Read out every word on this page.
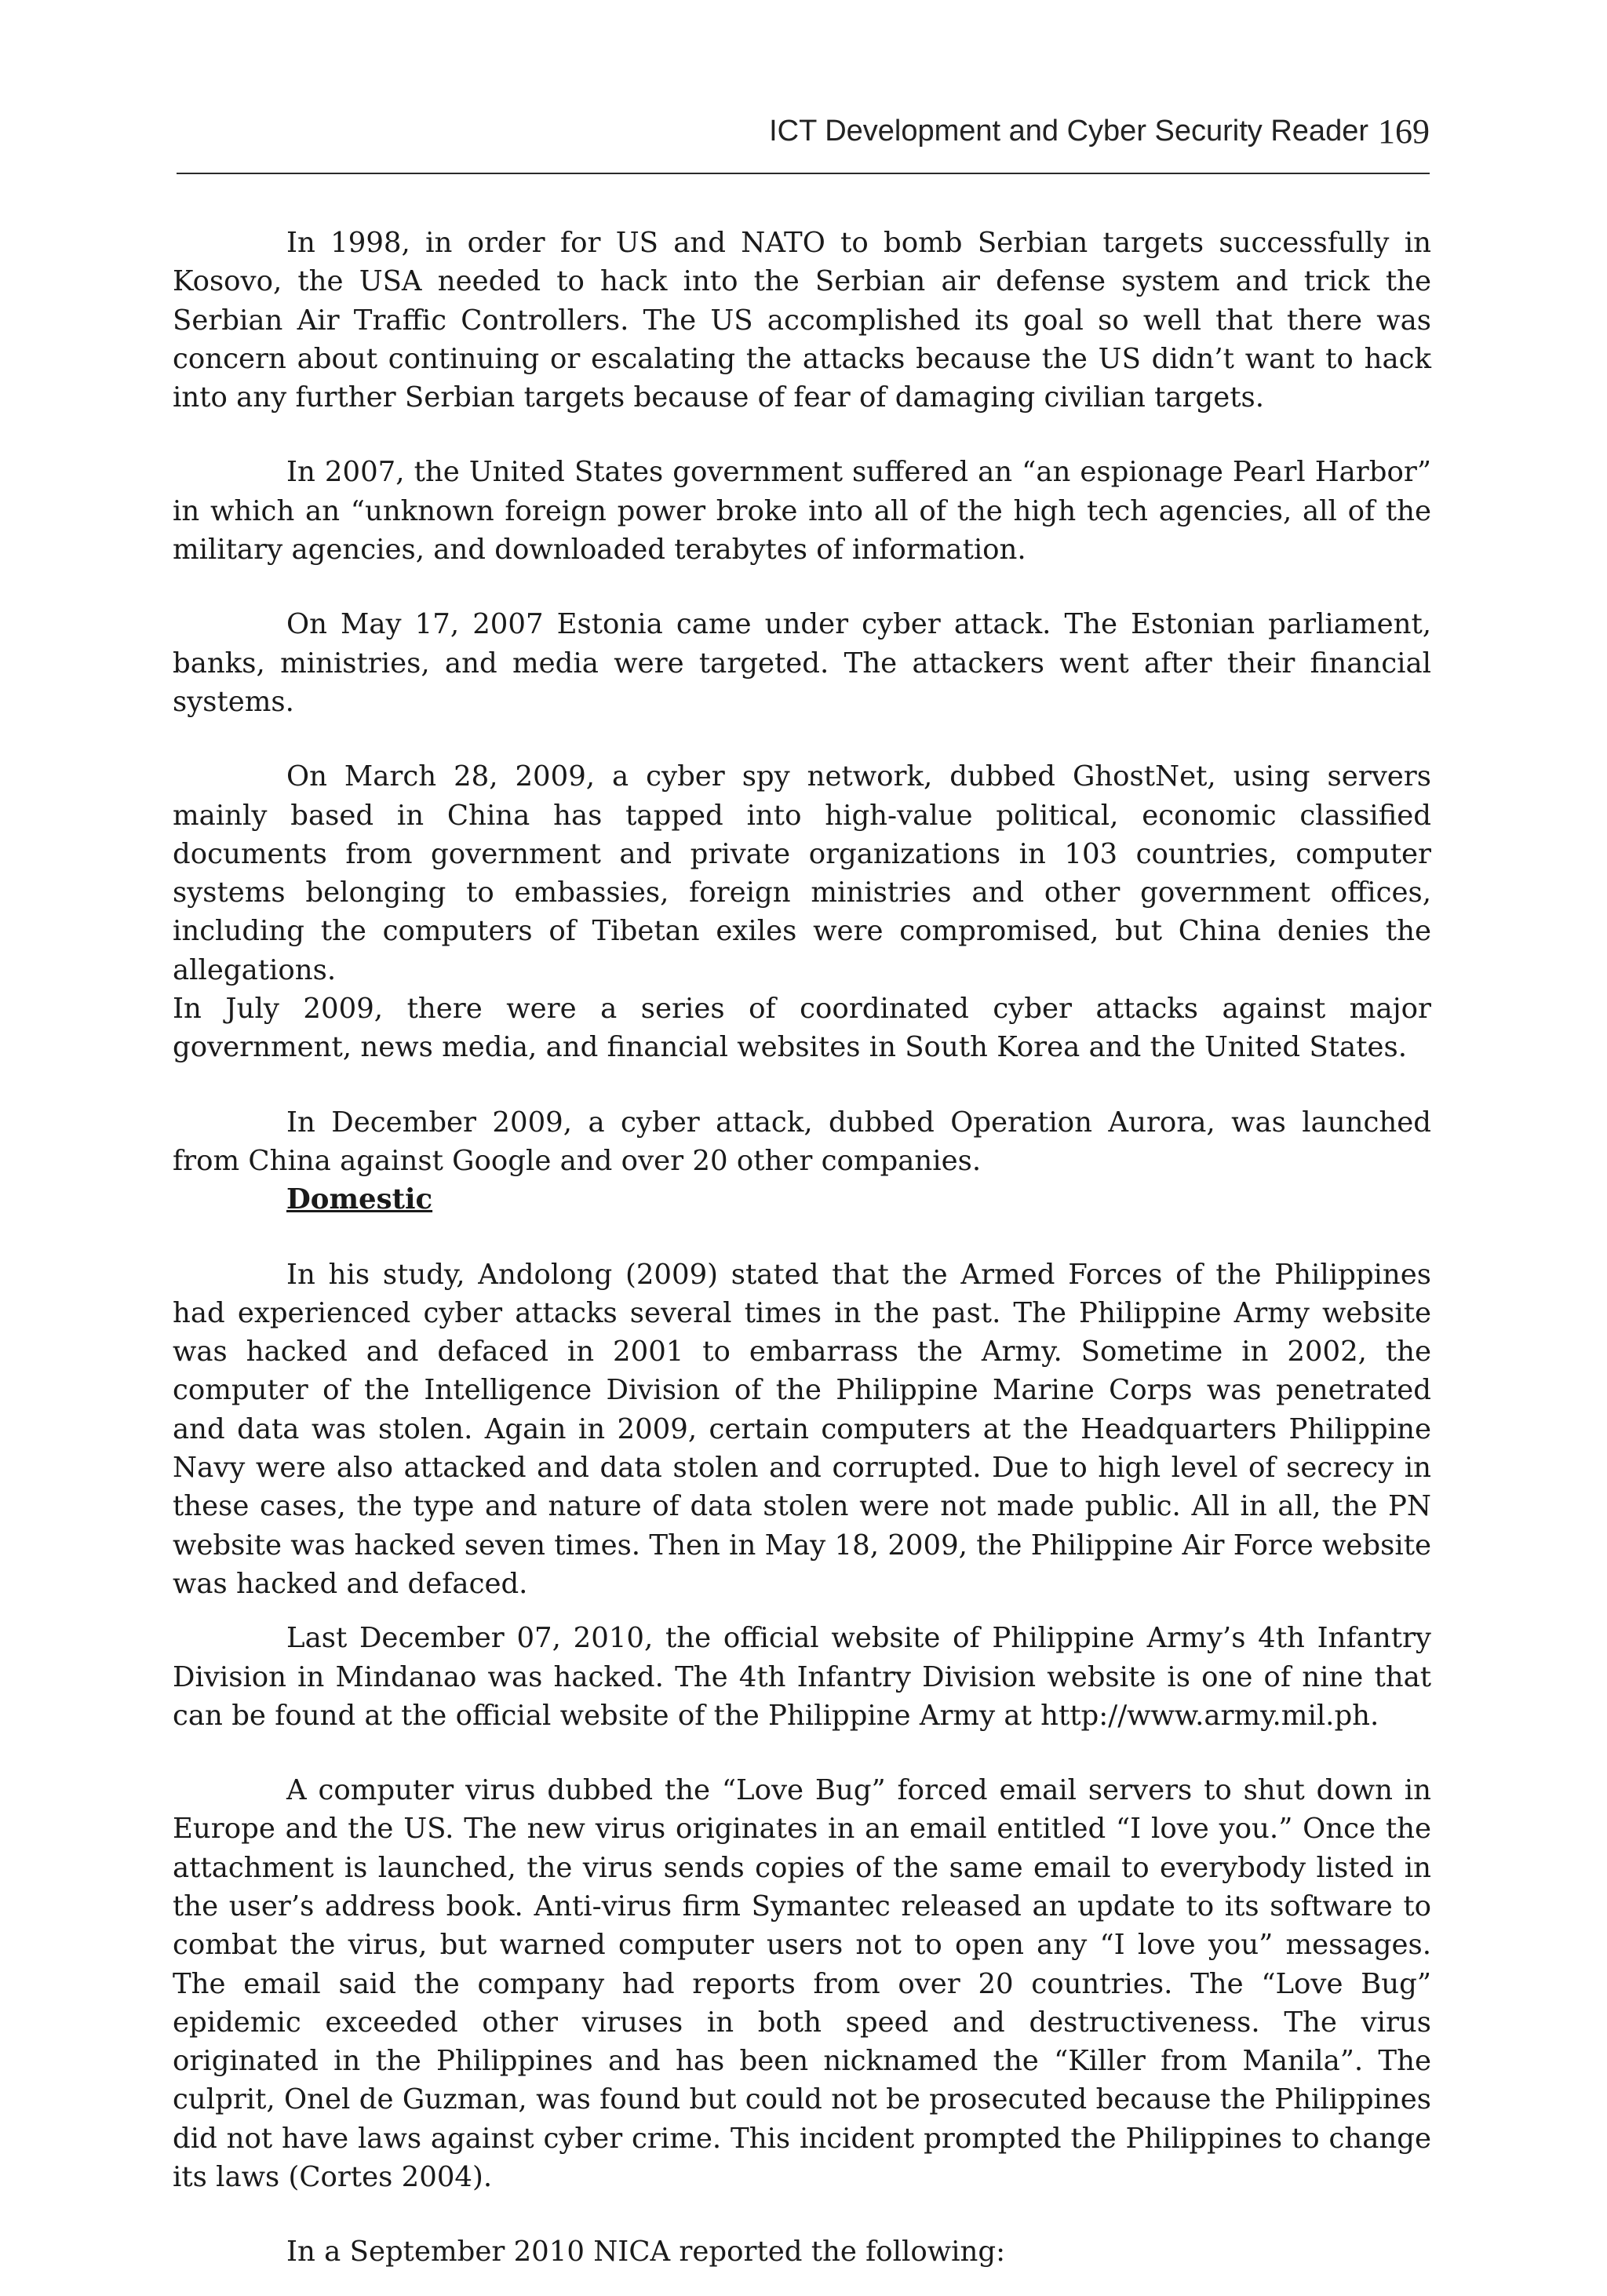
ICT Development and Cyber Security Reader 169

In 1998, in order for US and NATO to bomb Serbian targets successfully in Kosovo, the USA needed to hack into the Serbian air defense system and trick the Serbian Air Traffic Controllers. The US accomplished its goal so well that there was concern about continuing or escalating the attacks because the US didn’t want to hack into any further Serbian targets because of fear of damaging civilian targets.

In 2007, the United States government suffered an “an espionage Pearl Harbor” in which an “unknown foreign power broke into all of the high tech agencies, all of the military agencies, and downloaded terabytes of information.

On May 17, 2007 Estonia came under cyber attack. The Estonian parliament, banks, ministries, and media were targeted. The attackers went after their financial systems.

On March 28, 2009, a cyber spy network, dubbed GhostNet, using servers mainly based in China has tapped into high-value political, economic classified documents from government and private organizations in 103 countries, computer systems belonging to embassies, foreign ministries and other government offices, including the computers of Tibetan exiles were compromised, but China denies the allegations.

In July 2009, there were a series of coordinated cyber attacks against major government, news media, and financial websites in South Korea and the United States.

In December 2009, a cyber attack, dubbed Operation Aurora, was launched from China against Google and over 20 other companies.

Domestic

In his study, Andolong (2009) stated that the Armed Forces of the Philippines had experienced cyber attacks several times in the past. The Philippine Army website was hacked and defaced in 2001 to embarrass the Army. Sometime in 2002, the computer of the Intelligence Division of the Philippine Marine Corps was penetrated and data was stolen. Again in 2009, certain computers at the Headquarters Philippine Navy were also attacked and data stolen and corrupted. Due to high level of secrecy in these cases, the type and nature of data stolen were not made public. All in all, the PN website was hacked seven times. Then in May 18, 2009, the Philippine Air Force website was hacked and defaced.

Last December 07, 2010, the official website of Philippine Army’s 4th Infantry Division in Mindanao was hacked. The 4th Infantry Division website is one of nine that can be found at the official website of the Philippine Army at http://www.army.mil.ph.

A computer virus dubbed the “Love Bug” forced email servers to shut down in Europe and the US. The new virus originates in an email entitled “I love you.” Once the attachment is launched, the virus sends copies of the same email to everybody listed in the user’s address book. Anti-virus firm Symantec released an update to its software to combat the virus, but warned computer users not to open any “I love you” messages. The email said the company had reports from over 20 countries. The “Love Bug” epidemic exceeded other viruses in both speed and destructiveness. The virus originated in the Philippines and has been nicknamed the “Killer from Manila”. The culprit, Onel de Guzman, was found but could not be prosecuted because the Philippines did not have laws against cyber crime. This incident prompted the Philippines to change its laws (Cortes 2004).

In a September 2010 NICA reported the following:
